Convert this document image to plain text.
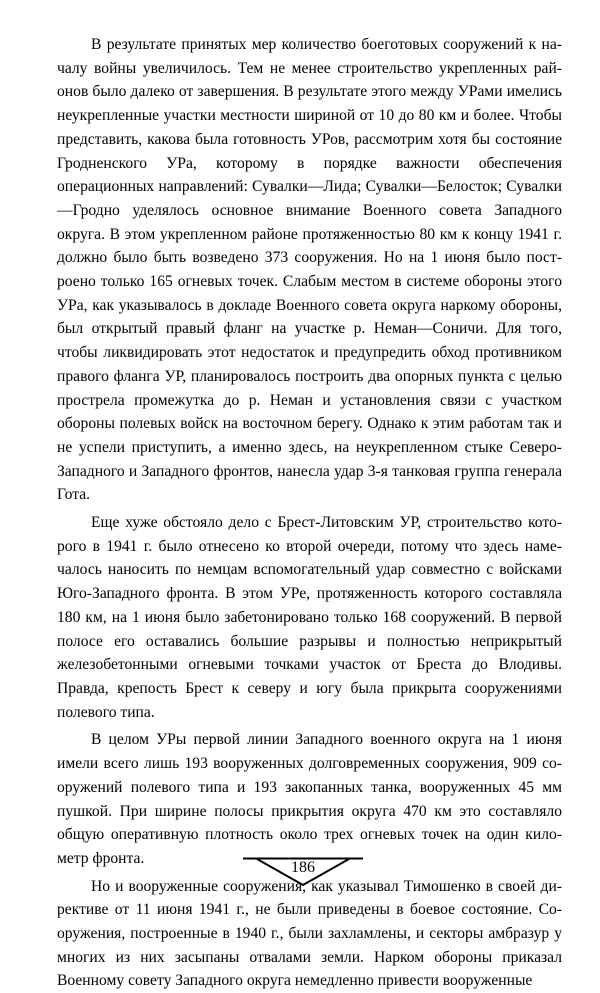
В результате принятых мер количество боеготовых сооружений к началу войны увеличилось. Тем не менее строительство укрепленных районов было далеко от завершения. В результате этого между УРами имелись неукрепленные участки местности шириной от 10 до 80 км и более. Чтобы представить, какова была готовность УРов, рассмотрим хотя бы состояние Гродненского УРа, которому в порядке важности обеспечения операционных направлений: Сувалки—Лида; Сувалки—Белосток; Сувалки—Гродно уделялось основное внимание Военного совета Западного округа. В этом укрепленном районе протяженностью 80 км к концу 1941 г. должно было быть возведено 373 сооружения. Но на 1 июня было построено только 165 огневых точек. Слабым местом в системе обороны этого УРа, как указывалось в докладе Военного совета округа наркому обороны, был открытый правый фланг на участке р. Неман—Соничи. Для того, чтобы ликвидировать этот недостаток и предупредить обход противником правого фланга УР, планировалось построить два опорных пункта с целью прострела промежутка до р. Неман и установления связи с участком обороны полевых войск на восточном берегу. Однако к этим работам так и не успели приступить, а именно здесь, на неукрепленном стыке Северо-Западного и Западного фронтов, нанесла удар 3-я танковая группа генерала Гота.

Еще хуже обстояло дело с Брест-Литовским УР, строительство которого в 1941 г. было отнесено ко второй очереди, потому что здесь намечалось наносить по немцам вспомогательный удар совместно с войсками Юго-Западного фронта. В этом УРе, протяженность которого составляла 180 км, на 1 июня было забетонировано только 168 сооружений. В первой полосе его оставались большие разрывы и полностью неприкрытый железобетонными огневыми точками участок от Бреста до Влодивы. Правда, крепость Брест к северу и югу была прикрыта сооружениями полевого типа.

В целом УРы первой линии Западного военного округа на 1 июня имели всего лишь 193 вооруженных долговременных сооружения, 909 сооружений полевого типа и 193 закопанных танка, вооруженных 45 мм пушкой. При ширине полосы прикрытия округа 470 км это составляло общую оперативную плотность около трех огневых точек на один километр фронта.

Но и вооруженные сооружения, как указывал Тимошенко в своей директиве от 11 июня 1941 г., не были приведены в боевое состояние. Сооружения, построенные в 1940 г., были захламлены, и секторы амбразур у многих из них засыпаны отвалами земли. Нарком обороны приказал Военному совету Западного округа немедленно привести вооруженные

186
